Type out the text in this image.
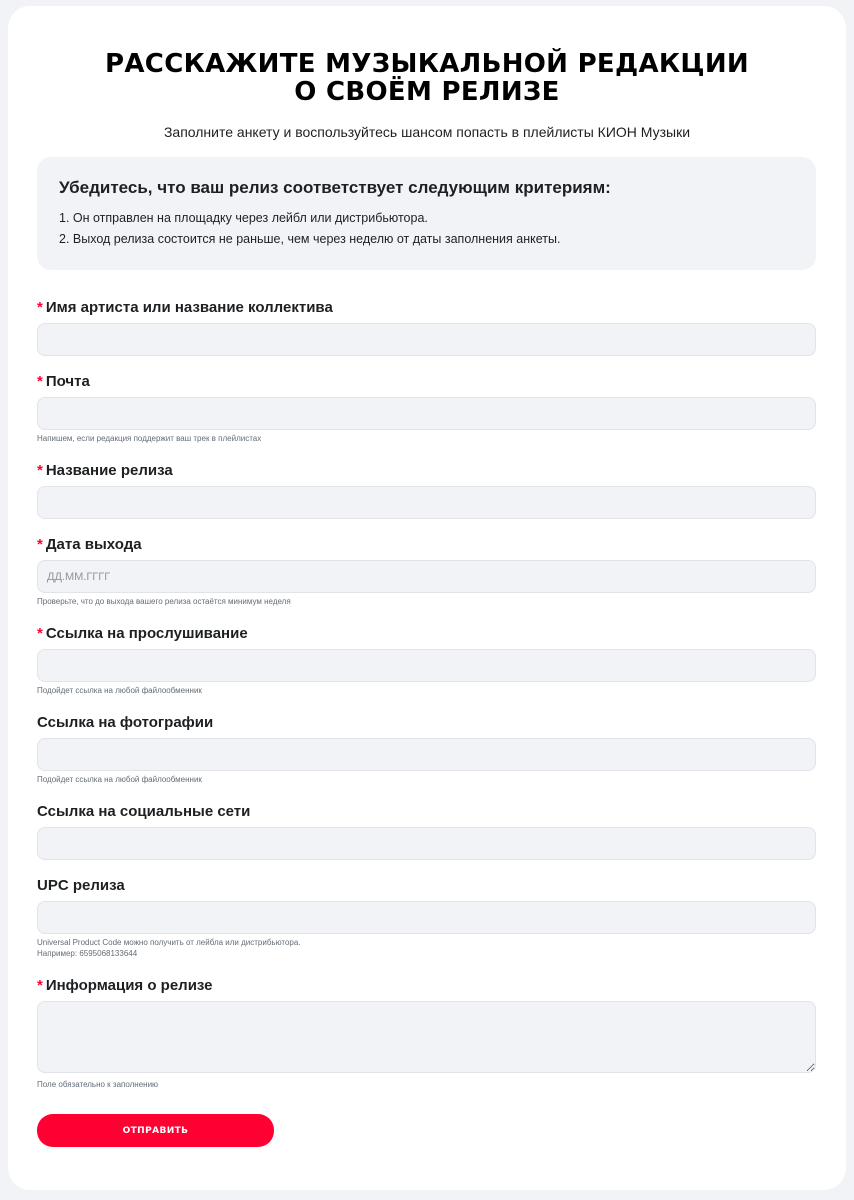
РАССКАЖИТЕ МУЗЫКАЛЬНОЙ РЕДАКЦИИ
О СВОЁМ РЕЛИЗЕ
Заполните анкету и воспользуйтесь шансом попасть в плейлисты КИОН Музыки
Убедитесь, что ваш релиз соответствует следующим критериям:
1. Он отправлен на площадку через лейбл или дистрибьютора.
2. Выход релиза состоится не раньше, чем через неделю от даты заполнения анкеты.
* Имя артиста или название коллектива
* Почта
Напишем, если редакция поддержит ваш трек в плейлистах
* Название релиза
* Дата выхода
ДД.ММ.ГГГГ
Проверьте, что до выхода вашего релиза остаётся минимум неделя
* Ссылка на прослушивание
Подойдет ссылка на любой файлообменник
Ссылка на фотографии
Подойдет ссылка на любой файлообменник
Ссылка на социальные сети
UPC релиза
Universal Product Code можно получить от лейбла или дистрибьютора.
Например: 6595068133644
* Информация о релизе
Поле обязательно к заполнению
ОТПРАВИТЬ
